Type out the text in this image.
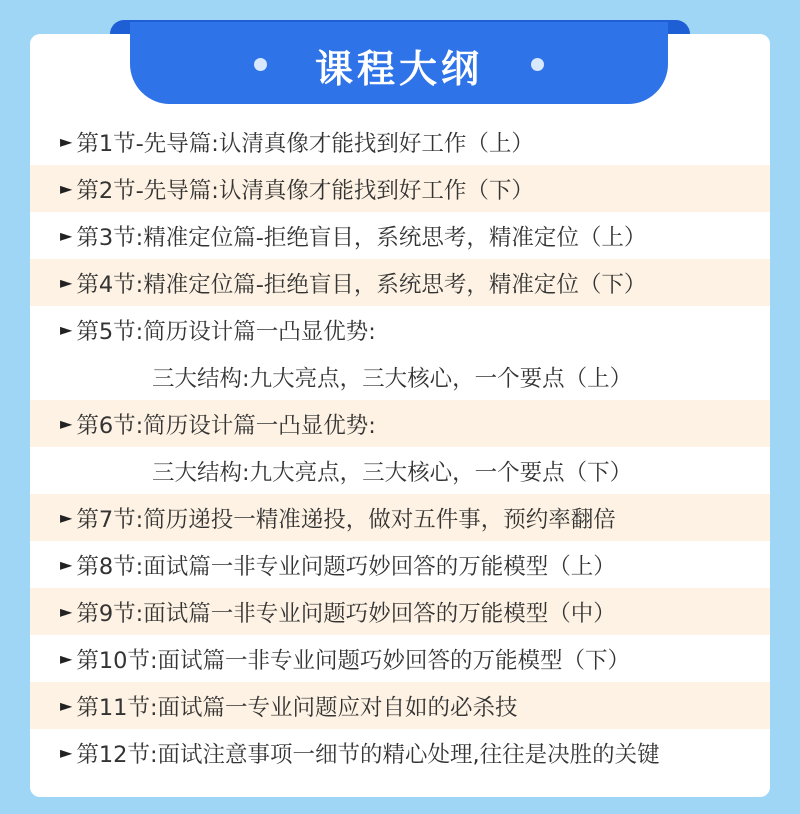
课程大纲
► 第1节-先导篇:认清真像才能找到好工作（上）
► 第2节-先导篇:认清真像才能找到好工作（下）
► 第3节:精准定位篇-拒绝盲目，系统思考，精准定位（上）
► 第4节:精准定位篇-拒绝盲目，系统思考，精准定位（下）
► 第5节:简历设计篇一凸显优势:
三大结构:九大亮点，三大核心，一个要点（上）
► 第6节:简历设计篇一凸显优势:
三大结构:九大亮点，三大核心，一个要点（下）
► 第7节:简历递投一精准递投，做对五件事，预约率翻倍
► 第8节:面试篇一非专业问题巧妙回答的万能模型（上）
► 第9节:面试篇一非专业问题巧妙回答的万能模型（中）
► 第10节:面试篇一非专业问题巧妙回答的万能模型（下）
► 第11节:面试篇一专业问题应对自如的必杀技
► 第12节:面试注意事项一细节的精心处理,往往是决胜的关键
